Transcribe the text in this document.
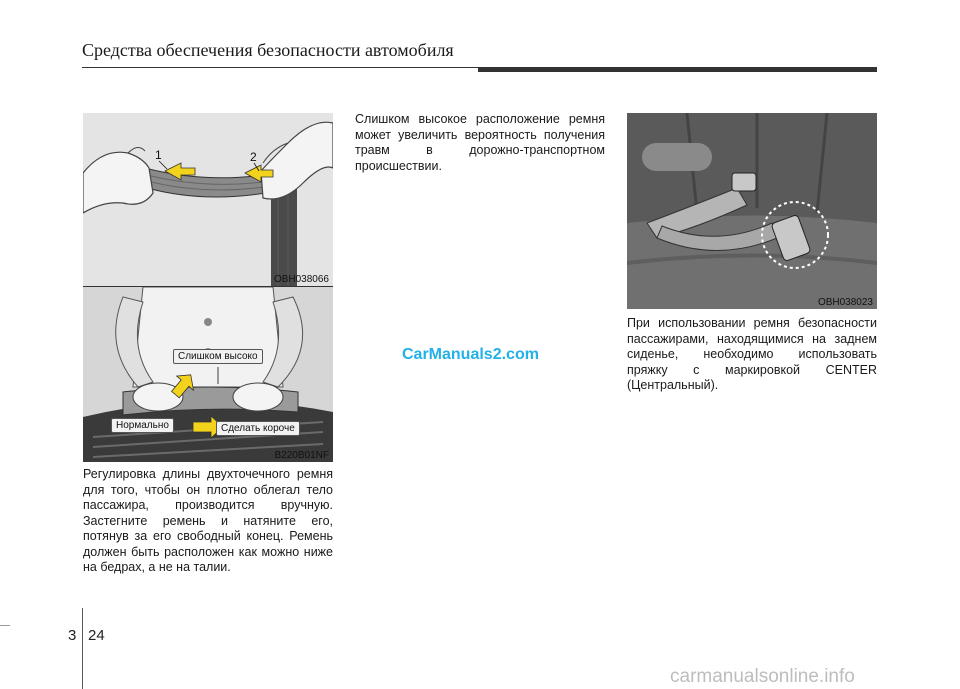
Средства обеспечения безопасности автомобиля
1	2
OBH038066
Слишком высоко
Нормально	Сделать короче
B220B01NF
Регулировка длины двухточечного ремня для того, чтобы он плотно облегал тело пассажира, производится вручную. Застегните ремень и натяните его, потянув за его свободный конец. Ремень должен быть расположен как можно ниже на бедрах, а не на талии.
Слишком высокое расположение ремня может увеличить вероятность получения травм в дорожно-транспортном происшествии.
OBH038023
При использовании ремня безопасности пассажирами, находящимися на заднем сиденье, необходимо использовать пряжку с маркировкой CENTER (Центральный).
CarManuals2.com
3 24
carmanualsonline.info
